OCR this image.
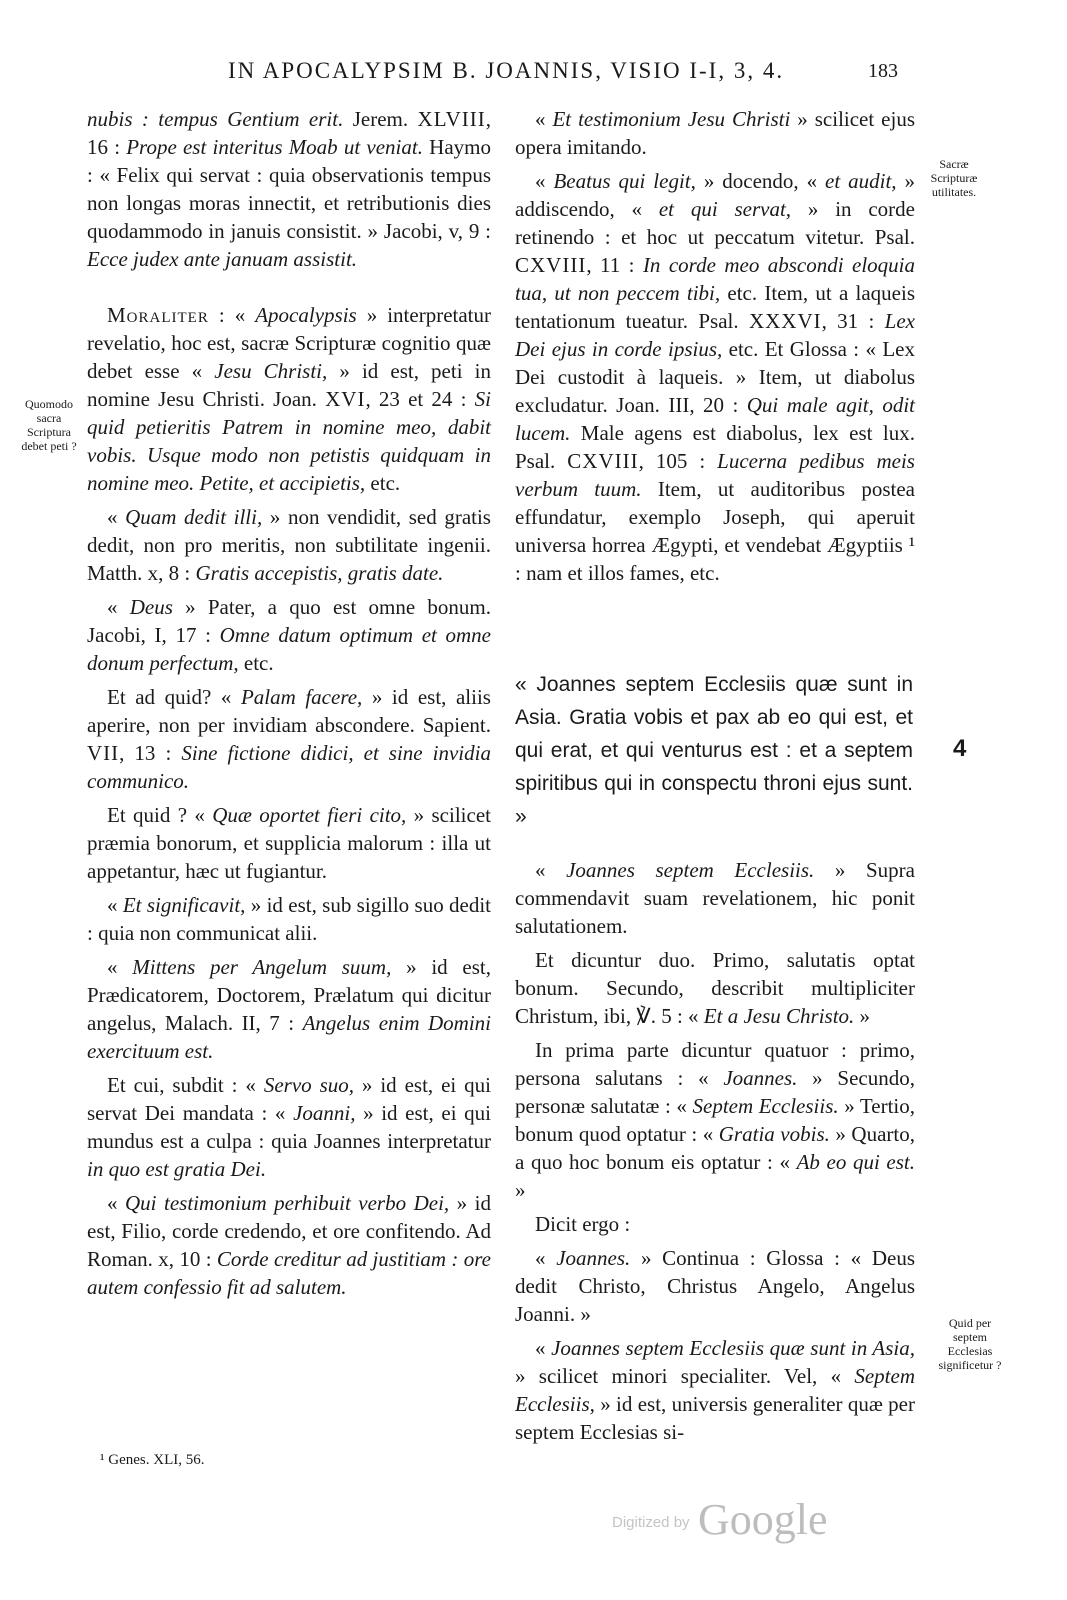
IN APOCALYPSIM B. JOANNIS, VISIO I-I, 3, 4.	183

nubis : tempus Gentium erit. Jerem. XLVIII, 16 : Prope est interitus Moab ut veniat. Haymo : « Felix qui servat : quia observationis tempus non longas moras innectit, et retributionis dies quodammodo in januis consistit. » Jacobi, v, 9 : Ecce judex ante januam assistit.

Moraliter : « Apocalypsis » interpretatur revelatio, hoc est, sacræ Scripturæ cognitio quæ debet esse « Jesu Christi, » id est, peti in nomine Jesu Christi. Joan. XVI, 23 et 24 : Si quid petieritis Patrem in nomine meo, dabit vobis. Usque modo non petistis quidquam in nomine meo. Petite, et accipietis, etc.

« Quam dedit illi, » non vendidit, sed gratis dedit, non pro meritis, non subtilitate ingenii. Matth. x, 8 : Gratis accepistis, gratis date.

« Deus » Pater, a quo est omne bonum. Jacobi, I, 17 : Omne datum optimum et omne donum perfectum, etc.

Et ad quid? « Palam facere, » id est, aliis aperire, non per invidiam abscondere. Sapient. VII, 13 : Sine fictione didici, et sine invidia communico.

Et quid ? « Quæ oportet fieri cito, » scilicet præmia bonorum, et supplicia malorum : illa ut appetantur, hæc ut fugiantur.

« Et significavit, » id est, sub sigillo suo dedit : quia non communicat alii.

« Mittens per Angelum suum, » id est, Prædicatorem, Doctorem, Prælatum qui dicitur angelus, Malach. II, 7 : Angelus enim Domini exercituum est.

Et cui, subdit : « Servo suo, » id est, ei qui servat Dei mandata : « Joanni, » id est, ei qui mundus est a culpa : quia Joannes interpretatur in quo est gratia Dei.

« Qui testimonium perhibuit verbo Dei, » id est, Filio, corde credendo, et ore confitendo. Ad Roman. x, 10 : Corde creditur ad justitiam : ore autem confessio fit ad salutem.

Quomodo sacra Scriptura debet peti ?
Sacræ Scripturæ utilitates.
Quid per septem Ecclesias significetur ?

« Et testimonium Jesu Christi » scilicet ejus opera imitando.

« Beatus qui legit, » docendo, « et audit, » addiscendo, « et qui servat, » in corde retinendo : et hoc ut peccatum vitetur. Psal. CXVIII, 11 : In corde meo abscondi eloquia tua, ut non peccem tibi, etc. Item, ut a laqueis tentationum tueatur. Psal. XXXVI, 31 : Lex Dei ejus in corde ipsius, etc. Et Glossa : « Lex Dei custodit à laqueis. » Item, ut diabolus excludatur. Joan. III, 20 : Qui male agit, odit lucem. Male agens est diabolus, lex est lux. Psal. CXVIII, 105 : Lucerna pedibus meis verbum tuum. Item, ut auditoribus postea effundatur, exemplo Joseph, qui aperuit universa horrea Ægypti, et vendebat Ægyptiis ¹ : nam et illos fames, etc.

« Joannes septem Ecclesiis quæ sunt in Asia. Gratia vobis et pax ab eo qui est, et qui erat, et qui venturus est : et a septem spiritibus qui in conspectu throni ejus sunt. »

4

« Joannes septem Ecclesiis. » Supra commendavit suam revelationem, hic ponit salutationem.

Et dicuntur duo. Primo, salutatis optat bonum. Secundo, describit multipliciter Christum, ibi, ℣. 5 : « Et a Jesu Christo. »

In prima parte dicuntur quatuor : primo, persona salutans : « Joannes. » Secundo, personæ salutatæ : « Septem Ecclesiis. » Tertio, bonum quod optatur : « Gratia vobis. » Quarto, a quo hoc bonum eis optatur : « Ab eo qui est. »

Dicit ergo :

« Joannes. » Continua : Glossa : « Deus dedit Christo, Christus Angelo, Angelus Joanni. »

« Joannes septem Ecclesiis quæ sunt in Asia, » scilicet minori specialiter. Vel, « Septem Ecclesiis, » id est, universis generaliter quæ per septem Ecclesias si-

¹ Genes. XLI, 56.
Digitized by Google
